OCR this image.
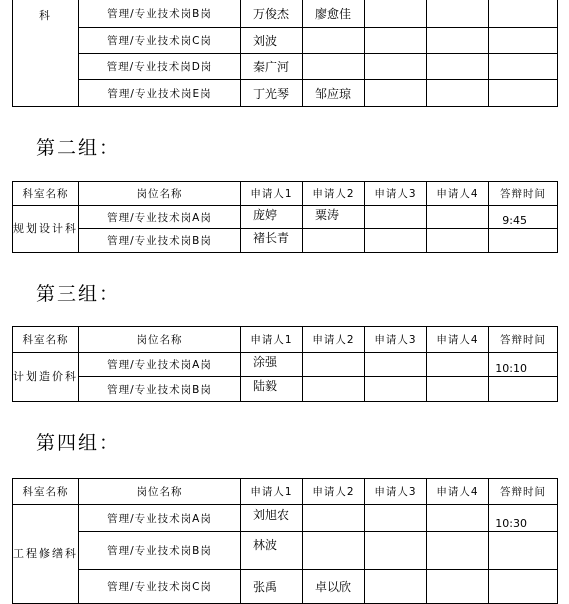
科	管理/专业技术岗B岗	万俊杰	廖愈佳			
	管理/专业技术岗C岗	刘波				
	管理/专业技术岗D岗	秦广河				
	管理/专业技术岗E岗	丁光琴	邹应琼			
第二组：
科室名称	岗位名称	申请人1	申请人2	申请人3	申请人4	答辩时间
规划设计科	管理/专业技术岗A岗	庞婷	粟涛			9:45
	管理/专业技术岗B岗	褚长青				
第三组：
科室名称	岗位名称	申请人1	申请人2	申请人3	申请人4	答辩时间
计划造价科	管理/专业技术岗A岗	涂强				10:10
	管理/专业技术岗B岗	陆毅				
第四组：
科室名称	岗位名称	申请人1	申请人2	申请人3	申请人4	答辩时间
工程修缮科	管理/专业技术岗A岗	刘旭农				10:30
	管理/专业技术岗B岗	林波				
	管理/专业技术岗C岗	张禹	卓以欣			
